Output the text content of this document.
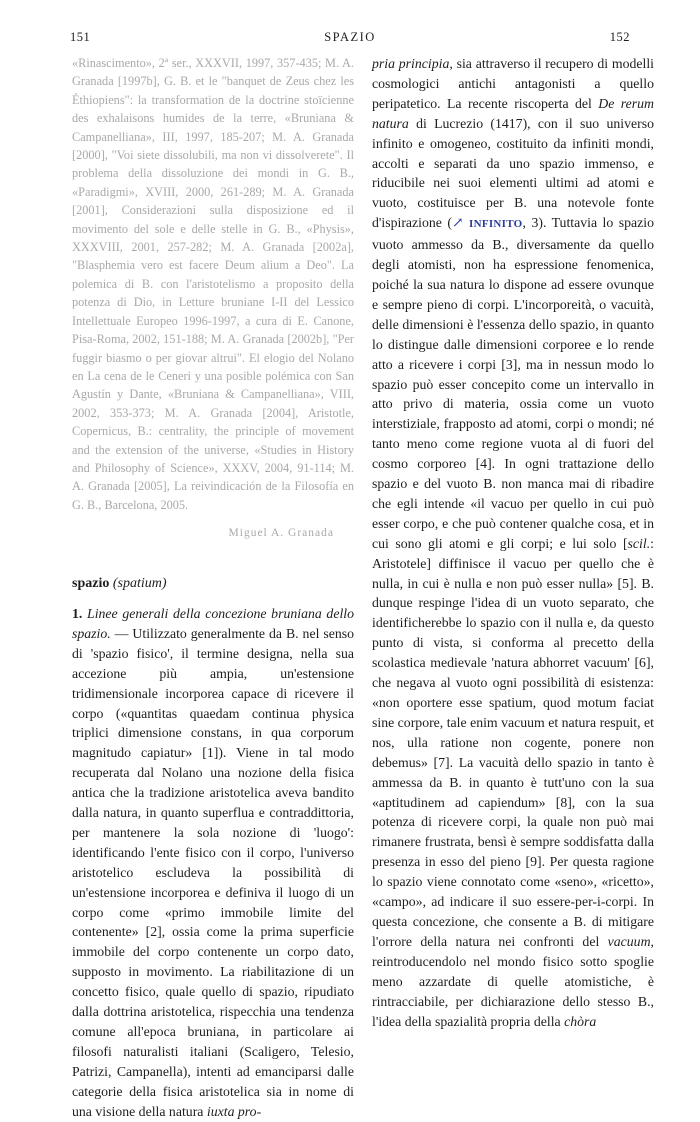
151	SPAZIO	152

«Rinascimento», 2ª ser., XXXVII, 1997, 357-435; M. A. Granada [1997b], G. B. et le "banquet de Zeus chez les Éthiopiens": la transformation de la doctrine stoïcienne des exhalaisons humides de la terre, «Bruniana & Campanelliana», III, 1997, 185-207; M. A. Granada [2000], "Voi siete dissolubili, ma non vi dissolverete". Il problema della dissoluzione dei mondi in G. B., «Paradigmi», XVIII, 2000, 261-289; M. A. Granada [2001], Considerazioni sulla disposizione ed il movimento del sole e delle stelle in G. B., «Physis», XXXVIII, 2001, 257-282; M. A. Granada [2002a], "Blasphemia vero est facere Deum alium a Deo". La polemica di B. con l'aristotelismo a proposito della potenza di Dio, in Letture bruniane I-II del Lessico Intellettuale Europeo 1996-1997, a cura di E. Canone, Pisa-Roma, 2002, 151-188; M. A. Granada [2002b], "Per fuggir biasmo o per giovar altrui". El elogio del Nolano en La cena de le Ceneri y una posible polémica con San Agustín y Dante, «Bruniana & Campanelliana», VIII, 2002, 353-373; M. A. Granada [2004], Aristotle, Copernicus, B.: centrality, the principle of movement and the extension of the universe, «Studies in History and Philosophy of Science», XXXV, 2004, 91-114; M. A. Granada [2005], La reivindicación de la Filosofía en G. B., Barcelona, 2005.

Miguel A. Granada
spazio (spatium)

1. Linee generali della concezione bruniana dello spazio. — Utilizzato generalmente da B. nel senso di 'spazio fisico', il termine designa, nella sua accezione più ampia, un'estensione tridimensionale incorporea capace di ricevere il corpo («quantitas quaedam continua physica triplici dimensione constans, in qua corporum magnitudo capiatur» [1]). Viene in tal modo recuperata dal Nolano una nozione della fisica antica che la tradizione aristotelica aveva bandito dalla natura, in quanto superflua e contraddittoria, per mantenere la sola nozione di 'luogo': identificando l'ente fisico con il corpo, l'universo aristotelico escludeva la possibilità di un'estensione incorporea e definiva il luogo di un corpo come «primo immobile limite del contenente» [2], ossia come la prima superficie immobile del corpo contenente un corpo dato, supposto in movimento. La riabilitazione di un concetto fisico, quale quello di spazio, ripudiato dalla dottrina aristotelica, rispecchia una tendenza comune all'epoca bruniana, in particolare ai filosofi naturalisti italiani (Scaligero, Telesio, Patrizi, Campanella), intenti ad emanciparsi dalle categorie della fisica aristotelica sia in nome di una visione della natura iuxta pro-

pria principia, sia attraverso il recupero di modelli cosmologici antichi antagonisti a quello peripatetico. La recente riscoperta del De rerum natura di Lucrezio (1417), con il suo universo infinito e omogeneo, costituito da infiniti mondi, accolti e separati da uno spazio immenso, e riducibile nei suoi elementi ultimi ad atomi e vuoto, costituisce per B. una notevole fonte d'ispirazione (↗ INFINITO, 3). Tuttavia lo spazio vuoto ammesso da B., diversamente da quello degli atomisti, non ha espressione fenomenica, poiché la sua natura lo dispone ad essere ovunque e sempre pieno di corpi. L'incorporeità, o vacuità, delle dimensioni è l'essenza dello spazio, in quanto lo distingue dalle dimensioni corporee e lo rende atto a ricevere i corpi [3], ma in nessun modo lo spazio può esser concepito come un intervallo in atto privo di materia, ossia come un vuoto interstiziale, frapposto ad atomi, corpi o mondi; né tanto meno come regione vuota al di fuori del cosmo corporeo [4]. In ogni trattazione dello spazio e del vuoto B. non manca mai di ribadire che egli intende «il vacuo per quello in cui può esser corpo, e che può contener qualche cosa, et in cui sono gli atomi e gli corpi; e lui solo [scil.: Aristotele] diffinisce il vacuo per quello che è nulla, in cui è nulla e non può esser nulla» [5]. B. dunque respinge l'idea di un vuoto separato, che identificherebbe lo spazio con il nulla e, da questo punto di vista, si conforma al precetto della scolastica medievale 'natura abhorret vacuum' [6], che negava al vuoto ogni possibilità di esistenza: «non oportere esse spatium, quod motum faciat sine corpore, tale enim vacuum et natura respuit, et nos, ulla ratione non cogente, ponere non debemus» [7]. La vacuità dello spazio in tanto è ammessa da B. in quanto è tutt'uno con la sua «aptitudinem ad capiendum» [8], con la sua potenza di ricevere corpi, la quale non può mai rimanere frustrata, bensì è sempre soddisfatta dalla presenza in esso del pieno [9]. Per questa ragione lo spazio viene connotato come «seno», «ricetto», «campo», ad indicare il suo essere-per-i-corpi. In questa concezione, che consente a B. di mitigare l'orrore della natura nei confronti del vacuum, reintroducendolo nel mondo fisico sotto spoglie meno azzardate di quelle atomistiche, è rintracciabile, per dichiarazione dello stesso B., l'idea della spazialità propria della chòra
